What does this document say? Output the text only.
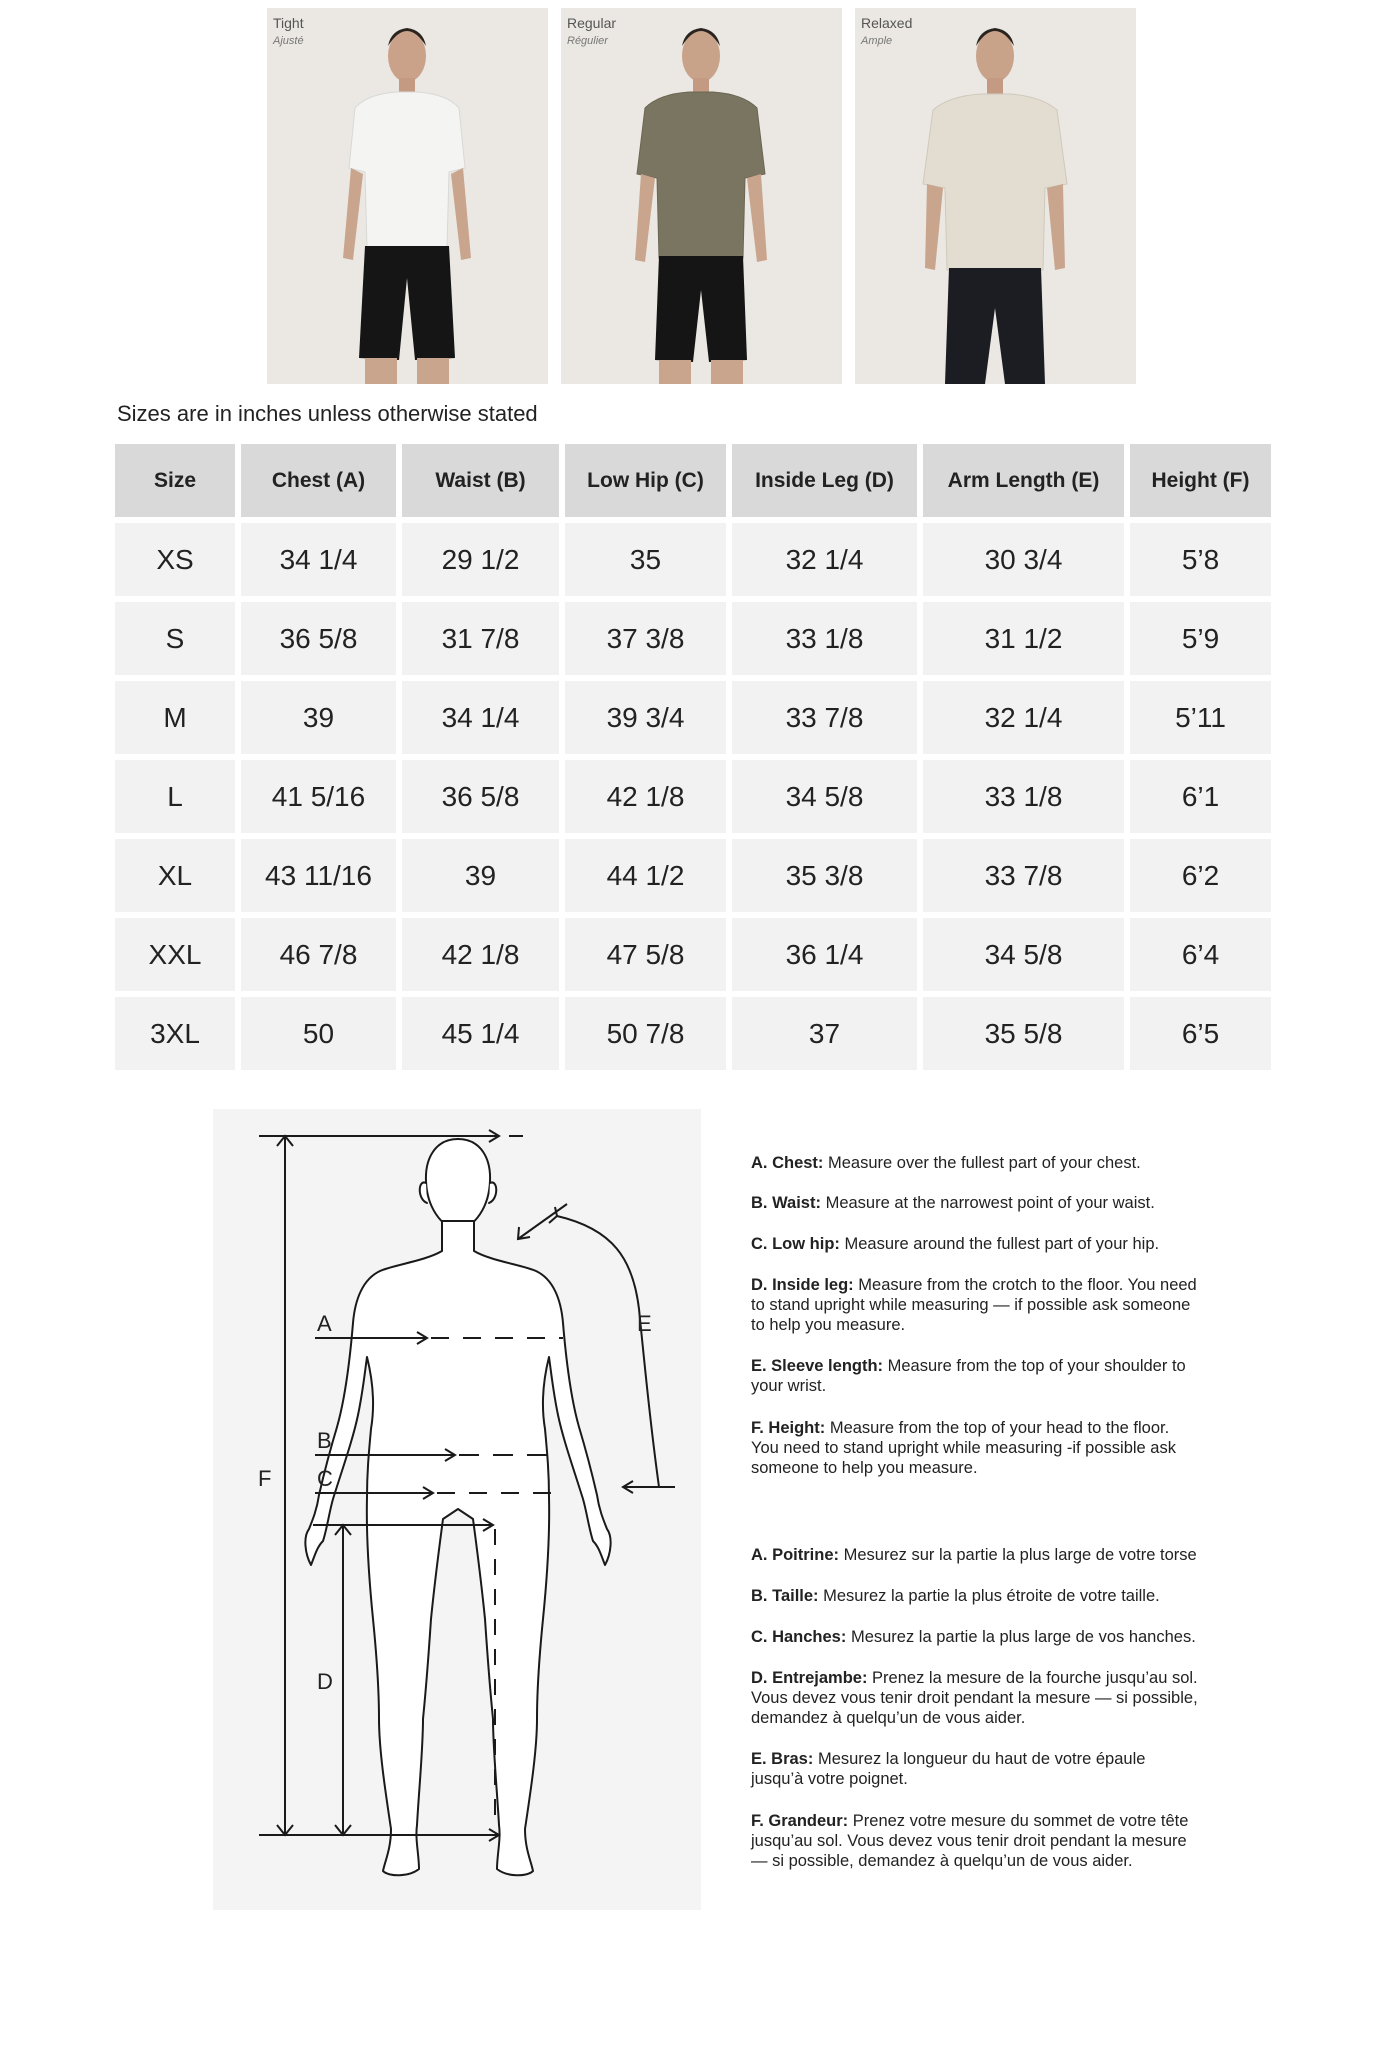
Tight
Ajusté
Regular
Régulier
Relaxed
Ample
Sizes are in inches unless otherwise stated
Size	Chest (A)	Waist (B)	Low Hip (C)	Inside Leg (D)	Arm Length (E)	Height (F)
XS	34 1/4	29 1/2	35	32 1/4	30 3/4	5’8
S	36 5/8	31 7/8	37 3/8	33 1/8	31 1/2	5’9
M	39	34 1/4	39 3/4	33 7/8	32 1/4	5’11
L	41 5/16	36 5/8	42 1/8	34 5/8	33 1/8	6’1
XL	43 11/16	39	44 1/2	35 3/8	33 7/8	6’2
XXL	46 7/8	42 1/8	47 5/8	36 1/4	34 5/8	6’4
3XL	50	45 1/4	50 7/8	37	35 5/8	6’5
A
B
C
D
E
F

A. Chest: Measure over the fullest part of your chest.

B. Waist: Measure at the narrowest point of your waist.

C. Low hip: Measure around the fullest part of your hip.

D. Inside leg: Measure from the crotch to the floor. You need to stand upright while measuring — if possible ask someone to help you measure.

E. Sleeve length: Measure from the top of your shoulder to your wrist.

F. Height: Measure from the top of your head to the floor. You need to stand upright while measuring -if possible ask someone to help you measure.

A. Poitrine: Mesurez sur la partie la plus large de votre torse

B. Taille: Mesurez la partie la plus étroite de votre taille.

C. Hanches: Mesurez la partie la plus large de vos hanches.

D. Entrejambe: Prenez la mesure de la fourche jusqu’au sol. Vous devez vous tenir droit pendant la mesure — si possible, demandez à quelqu’un de vous aider.

E. Bras: Mesurez la longueur du haut de votre épaule jusqu’à votre poignet.

F. Grandeur: Prenez votre mesure du sommet de votre tête jusqu’au sol. Vous devez vous tenir droit pendant la mesure — si possible, demandez à quelqu’un de vous aider.
